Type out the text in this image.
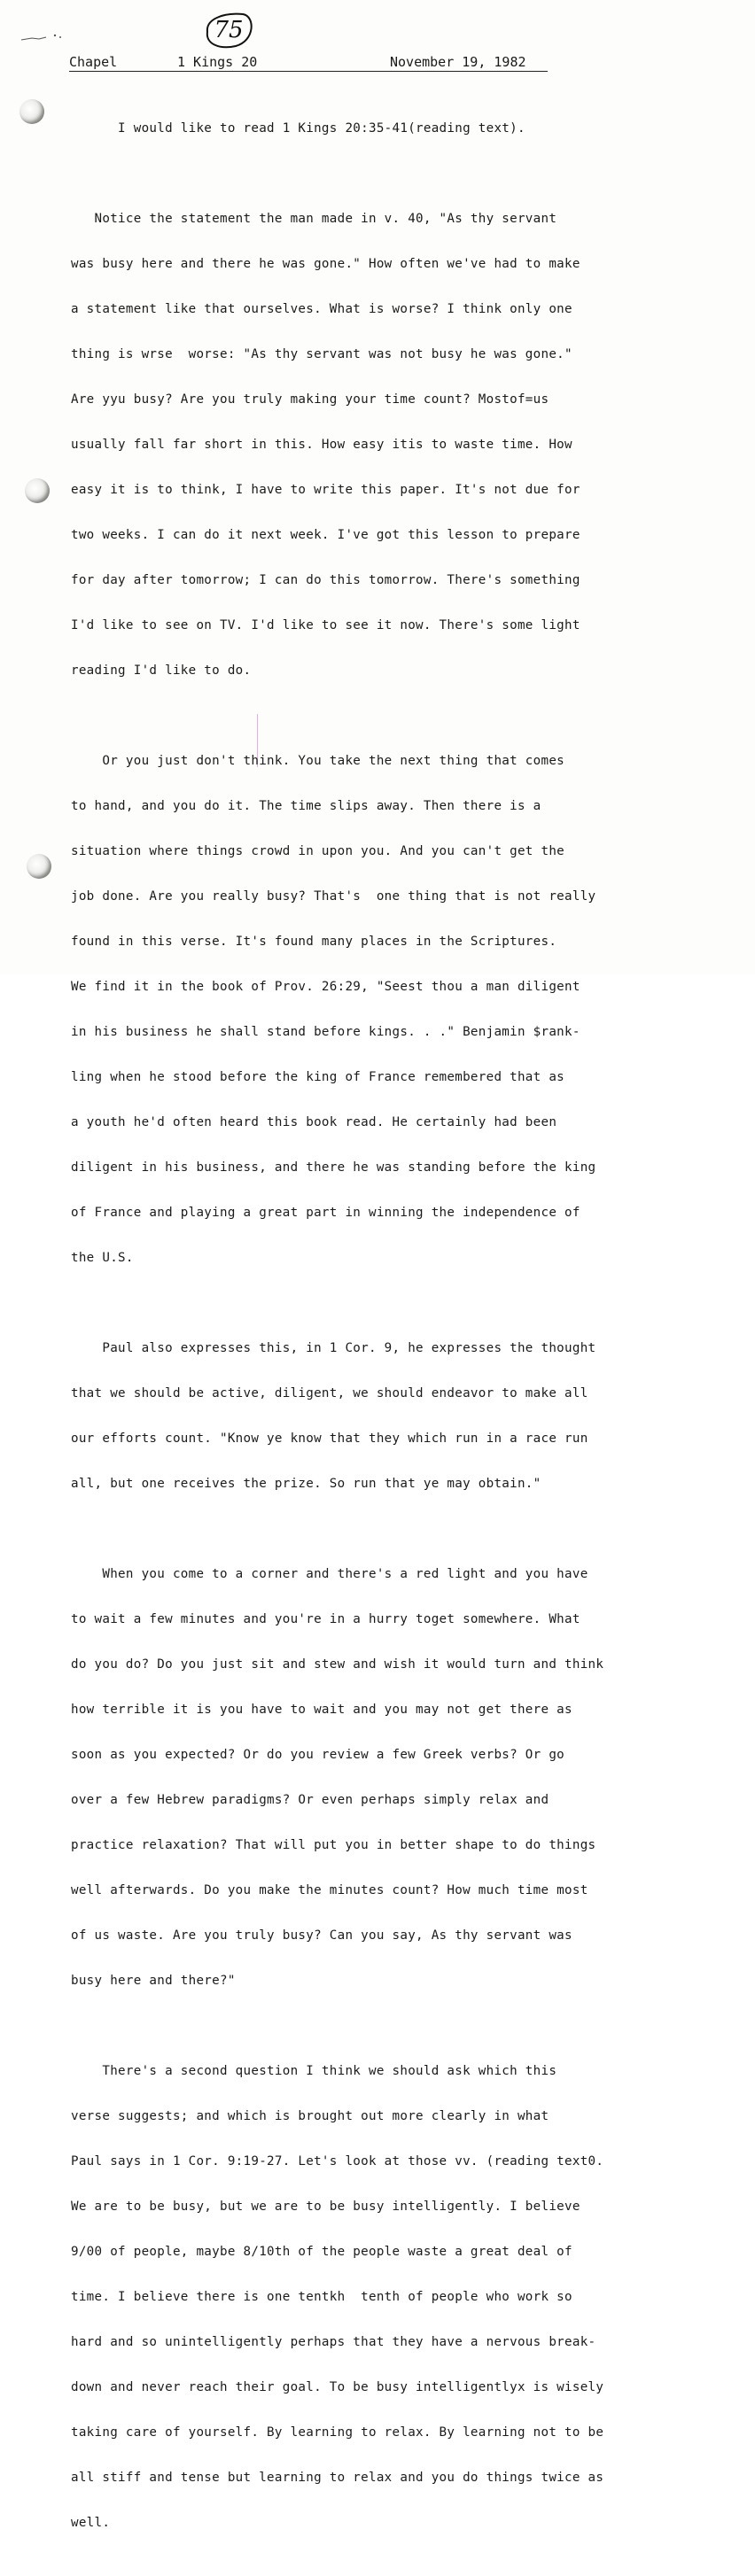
75

Chapel

	1 Kings 20

	November 19, 1982

I would like to read 1 Kings 20:35-41(reading text).

Notice the statement the man made in v. 40, "As thy servant

was busy here and there he was gone." How often we've had to make

a statement like that ourselves. What is worse? I think only one

thing is wrse  worse: "As thy servant was not busy he was gone."

Are yyu busy? Are you truly making your time count? Mostof=us

usually fall far short in this. How easy itis to waste time. How

easy it is to think, I have to write this paper. It's not due for

two weeks. I can do it next week. I've got this lesson to prepare

for day after tomorrow; I can do this tomorrow. There's something

I'd like to see on TV. I'd like to see it now. There's some light

reading I'd like to do.

Or you just don't think. You take the next thing that comes

to hand, and you do it. The time slips away. Then there is a

situation where things crowd in upon you. And you can't get the

job done. Are you really busy? That's  one thing that is not really

found in this verse. It's found many places in the Scriptures.

We find it in the book of Prov. 26:29, "Seest thou a man diligent

in his business he shall stand before kings. . ." Benjamin $rank-

ling when he stood before the king of France remembered that as

a youth he'd often heard this book read. He certainly had been

diligent in his business, and there he was standing before the king

of France and playing a great part in winning the independence of

the U.S.

Paul also expresses this, in 1 Cor. 9, he expresses the thought

that we should be active, diligent, we should endeavor to make all

our efforts count. "Know ye know that they which run in a race run

all, but one receives the prize. So run that ye may obtain."

When you come to a corner and there's a red light and you have

to wait a few minutes and you're in a hurry toget somewhere. What

do you do? Do you just sit and stew and wish it would turn and think

how terrible it is you have to wait and you may not get there as

soon as you expected? Or do you review a few Greek verbs? Or go

over a few Hebrew paradigms? Or even perhaps simply relax and

practice relaxation? That will put you in better shape to do things

well afterwards. Do you make the minutes count? How much time most

of us waste. Are you truly busy? Can you say, As thy servant was

busy here and there?"

There's a second question I think we should ask which this

verse suggests; and which is brought out more clearly in what

Paul says in 1 Cor. 9:19-27. Let's look at those vv. (reading text0.

We are to be busy, but we are to be busy intelligently. I believe

9/00 of people, maybe 8/10th of the people waste a great deal of

time. I believe there is one tentkh  tenth of people who work so

hard and so unintelligently perhaps that they have a nervous break-

down and never reach their goal. To be busy intelligentlyx is wisely

taking care of yourself. By learning to relax. By learning not to be

all stiff and tense but learning to relax and you do things twice as

well.
